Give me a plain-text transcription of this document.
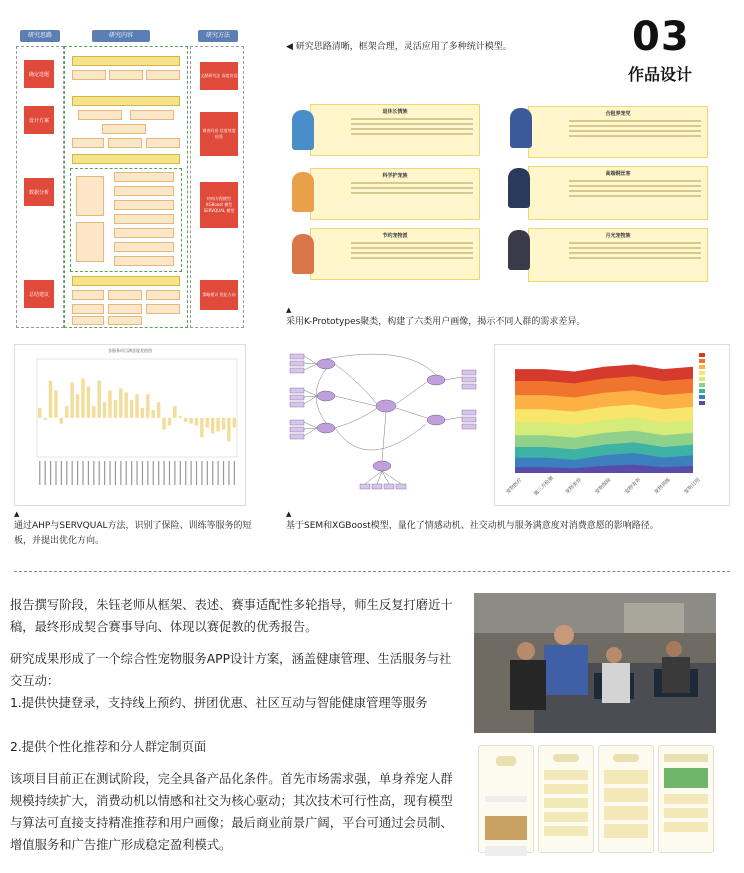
03
作品设计
研究思路	研究内容	研究方法
确定选题
设计方案
数据分析
总结建议
文献研究法 深度访谈
调查问卷 信度效度 检验
结构方程模型 XGBoost 模型 SERVQUAL 模型
策略建议 优化方向
◀ 研究思路清晰，框架合理，灵活应用了多种统计模型。
退休长情族	合租养宠党
科学护宠族	高端钢丝客
节约宠物派	月光宠物族
▲
采用K-Prototypes聚类，构建了六类用户画像，揭示不同人群的需求差异。
各服务项目满意度差值图
宠物医疗 第三方检测 宠物美容 宠物保险 宠物寄养 宠物训练 宠物日用
▲
通过AHP与SERVQUAL方法，识别了保险、训练等服务的短板，并提出优化方向。
▲
基于SEM和XGBoost模型，量化了情感动机、社交动机与服务满意度对消费意愿的影响路径。
报告撰写阶段，朱钰老师从框架、表述、赛事适配性多轮指导，师生反复打磨近十稿，最终形成契合赛事导向、体现以赛促教的优秀报告。
研究成果形成了一个综合性宠物服务APP设计方案，涵盖健康管理、生活服务与社交互动：
1.提供快捷登录，支持线上预约、拼团优惠、社区互动与智能健康管理等服务
2.提供个性化推荐和分人群定制页面
该项目目前正在测试阶段，完全具备产品化条件。首先市场需求强，单身养宠人群规模持续扩大，消费动机以情感和社交为核心驱动；其次技术可行性高，现有模型与算法可直接支持精准推荐和用户画像；最后商业前景广阔，平台可通过会员制、增值服务和广告推广形成稳定盈利模式。
